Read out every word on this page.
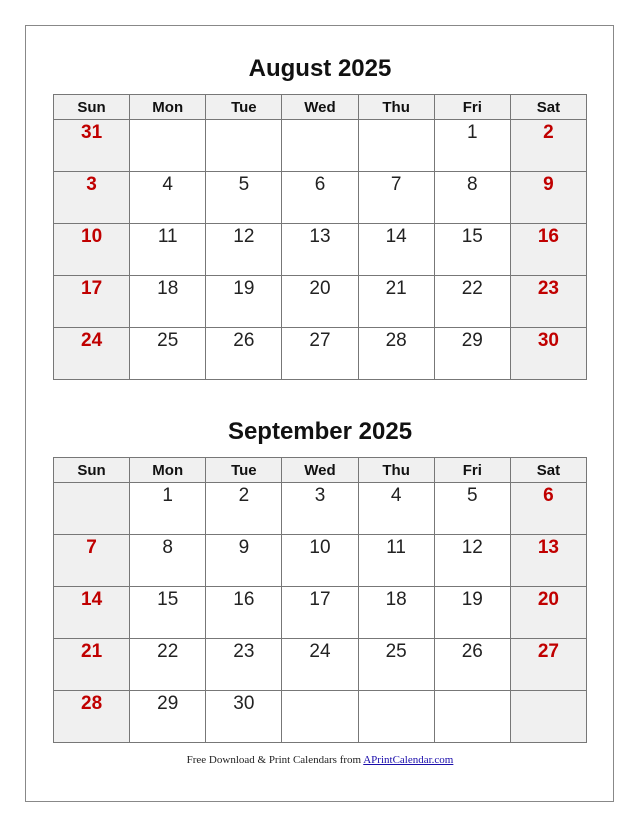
August 2025
Sun	Mon	Tue	Wed	Thu	Fri	Sat
31					1	2
3	4	5	6	7	8	9
10	11	12	13	14	15	16
17	18	19	20	21	22	23
24	25	26	27	28	29	30
September 2025
Sun	Mon	Tue	Wed	Thu	Fri	Sat
	1	2	3	4	5	6
7	8	9	10	11	12	13
14	15	16	17	18	19	20
21	22	23	24	25	26	27
28	29	30				
Free Download & Print Calendars from APrintCalendar.com
